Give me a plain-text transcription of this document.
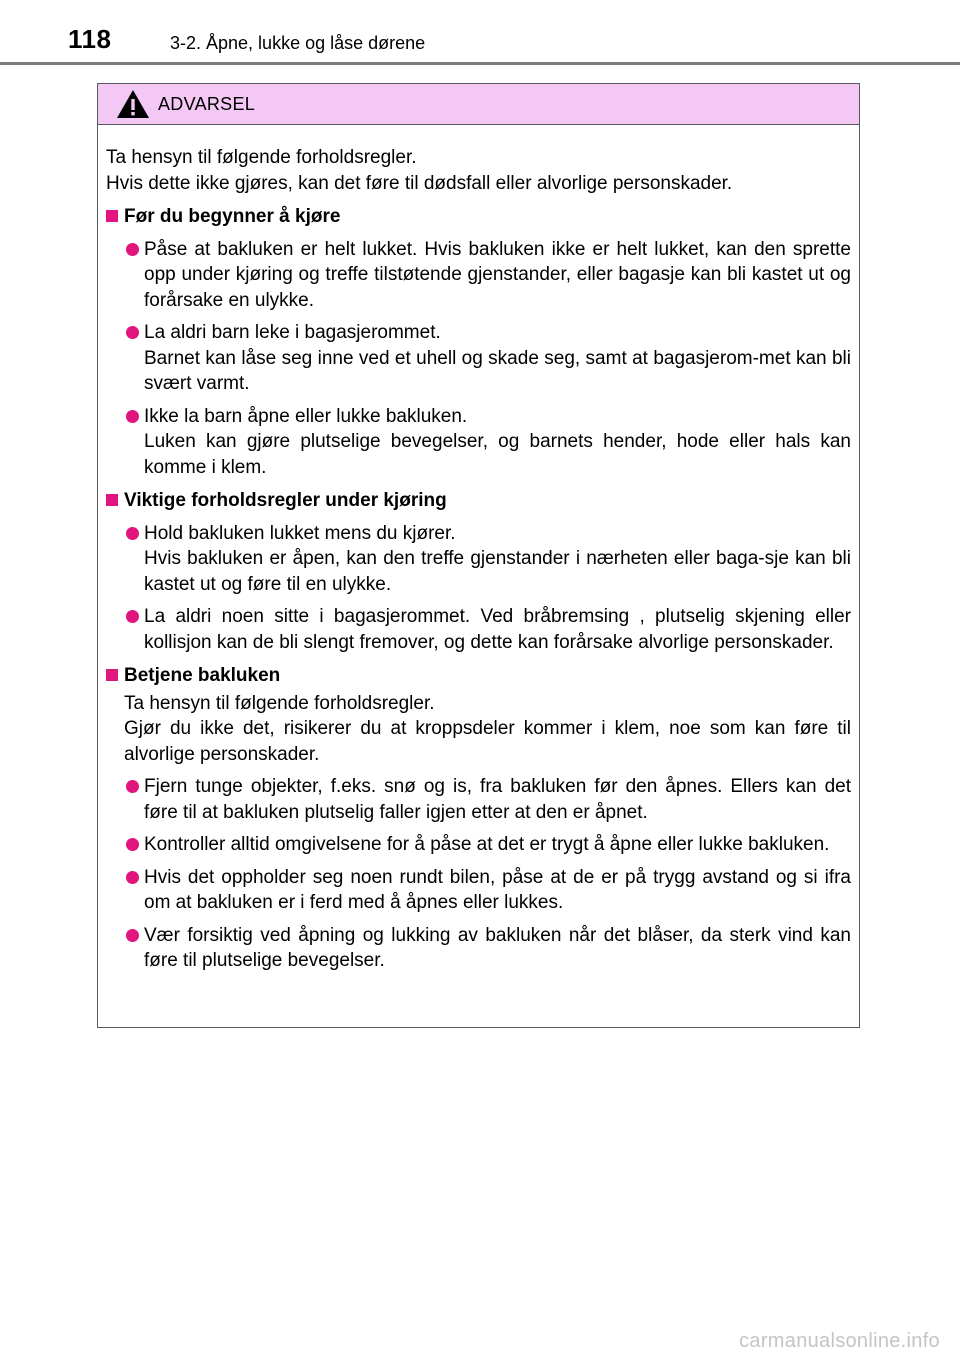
118	3-2. Åpne, lukke og låse dørene
ADVARSEL

Ta hensyn til følgende forholdsregler.

Hvis dette ikke gjøres, kan det føre til dødsfall eller alvorlige personskader.

Før du begynner å kjøre

Påse at bakluken er helt lukket. Hvis bakluken ikke er helt lukket, kan den sprette opp under kjøring og treffe tilstøtende gjenstander, eller bagasje kan bli kastet ut og forårsake en ulykke.

La aldri barn leke i bagasjerommet.

Barnet kan låse seg inne ved et uhell og skade seg, samt at bagasjerom-met kan bli svært varmt.

Ikke la barn åpne eller lukke bakluken.

Luken kan gjøre plutselige bevegelser, og barnets hender, hode eller hals kan komme i klem.

Viktige forholdsregler under kjøring

Hold bakluken lukket mens du kjører.

Hvis bakluken er åpen, kan den treffe gjenstander i nærheten eller baga-sje kan bli kastet ut og føre til en ulykke.

La aldri noen sitte i bagasjerommet. Ved bråbremsing , plutselig skjening eller kollisjon kan de bli slengt fremover, og dette kan forårsake alvorlige personskader.

Betjene bakluken

Ta hensyn til følgende forholdsregler.

Gjør du ikke det, risikerer du at kroppsdeler kommer i klem, noe som kan føre til alvorlige personskader.

Fjern tunge objekter, f.eks. snø og is, fra bakluken før den åpnes. Ellers kan det føre til at bakluken plutselig faller igjen etter at den er åpnet.

Kontroller alltid omgivelsene for å påse at det er trygt å åpne eller lukke bakluken.

Hvis det oppholder seg noen rundt bilen, påse at de er på trygg avstand og si ifra om at bakluken er i ferd med å åpnes eller lukkes.

Vær forsiktig ved åpning og lukking av bakluken når det blåser, da sterk vind kan føre til plutselige bevegelser.

carmanualsonline.info
